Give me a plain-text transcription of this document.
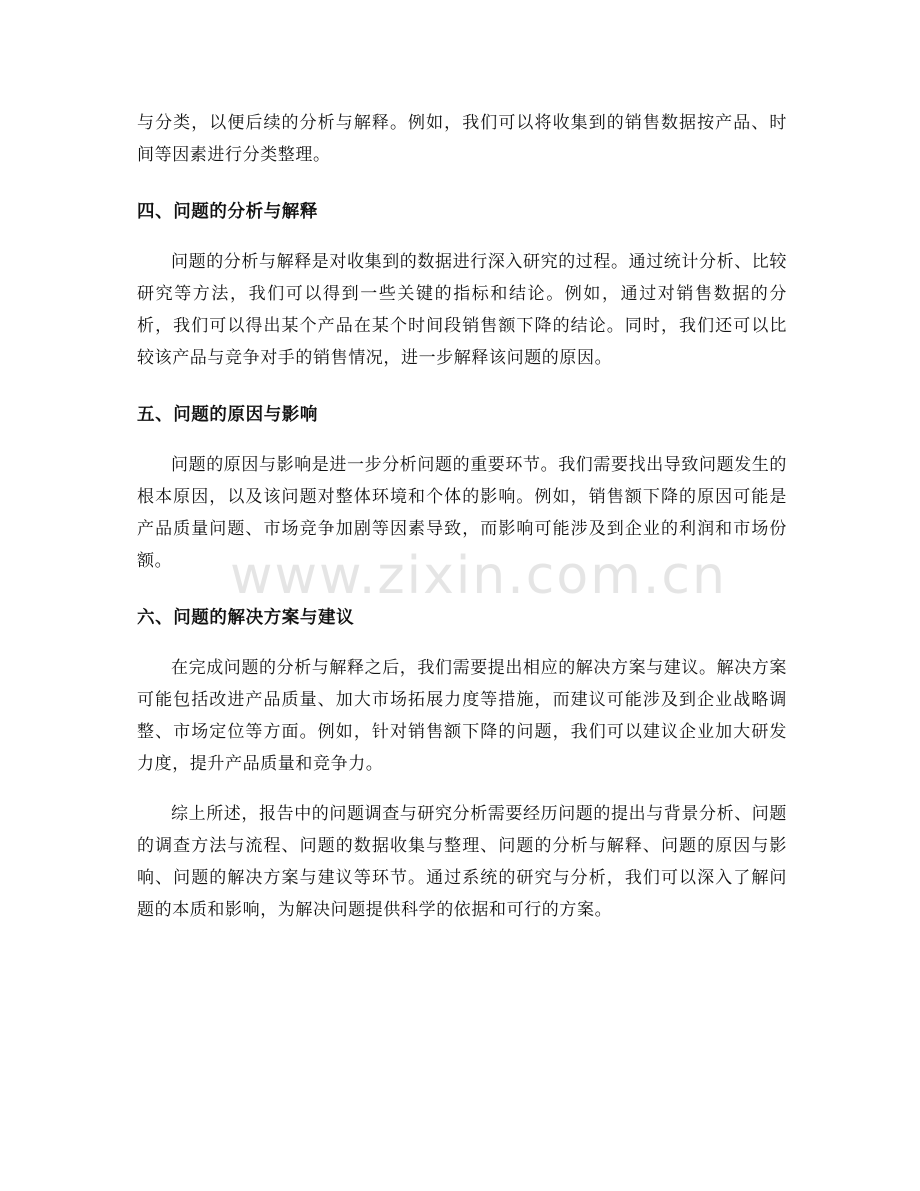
与分类，以便后续的分析与解释。例如，我们可以将收集到的销售数据按产品、时间等因素进行分类整理。

四、问题的分析与解释

问题的分析与解释是对收集到的数据进行深入研究的过程。通过统计分析、比较研究等方法，我们可以得到一些关键的指标和结论。例如，通过对销售数据的分析，我们可以得出某个产品在某个时间段销售额下降的结论。同时，我们还可以比较该产品与竞争对手的销售情况，进一步解释该问题的原因。

五、问题的原因与影响

问题的原因与影响是进一步分析问题的重要环节。我们需要找出导致问题发生的根本原因，以及该问题对整体环境和个体的影响。例如，销售额下降的原因可能是产品质量问题、市场竞争加剧等因素导致，而影响可能涉及到企业的利润和市场份额。

六、问题的解决方案与建议

在完成问题的分析与解释之后，我们需要提出相应的解决方案与建议。解决方案可能包括改进产品质量、加大市场拓展力度等措施，而建议可能涉及到企业战略调整、市场定位等方面。例如，针对销售额下降的问题，我们可以建议企业加大研发力度，提升产品质量和竞争力。

综上所述，报告中的问题调查与研究分析需要经历问题的提出与背景分析、问题的调查方法与流程、问题的数据收集与整理、问题的分析与解释、问题的原因与影响、问题的解决方案与建议等环节。通过系统的研究与分析，我们可以深入了解问题的本质和影响，为解决问题提供科学的依据和可行的方案。

www.zixin.com.cn
